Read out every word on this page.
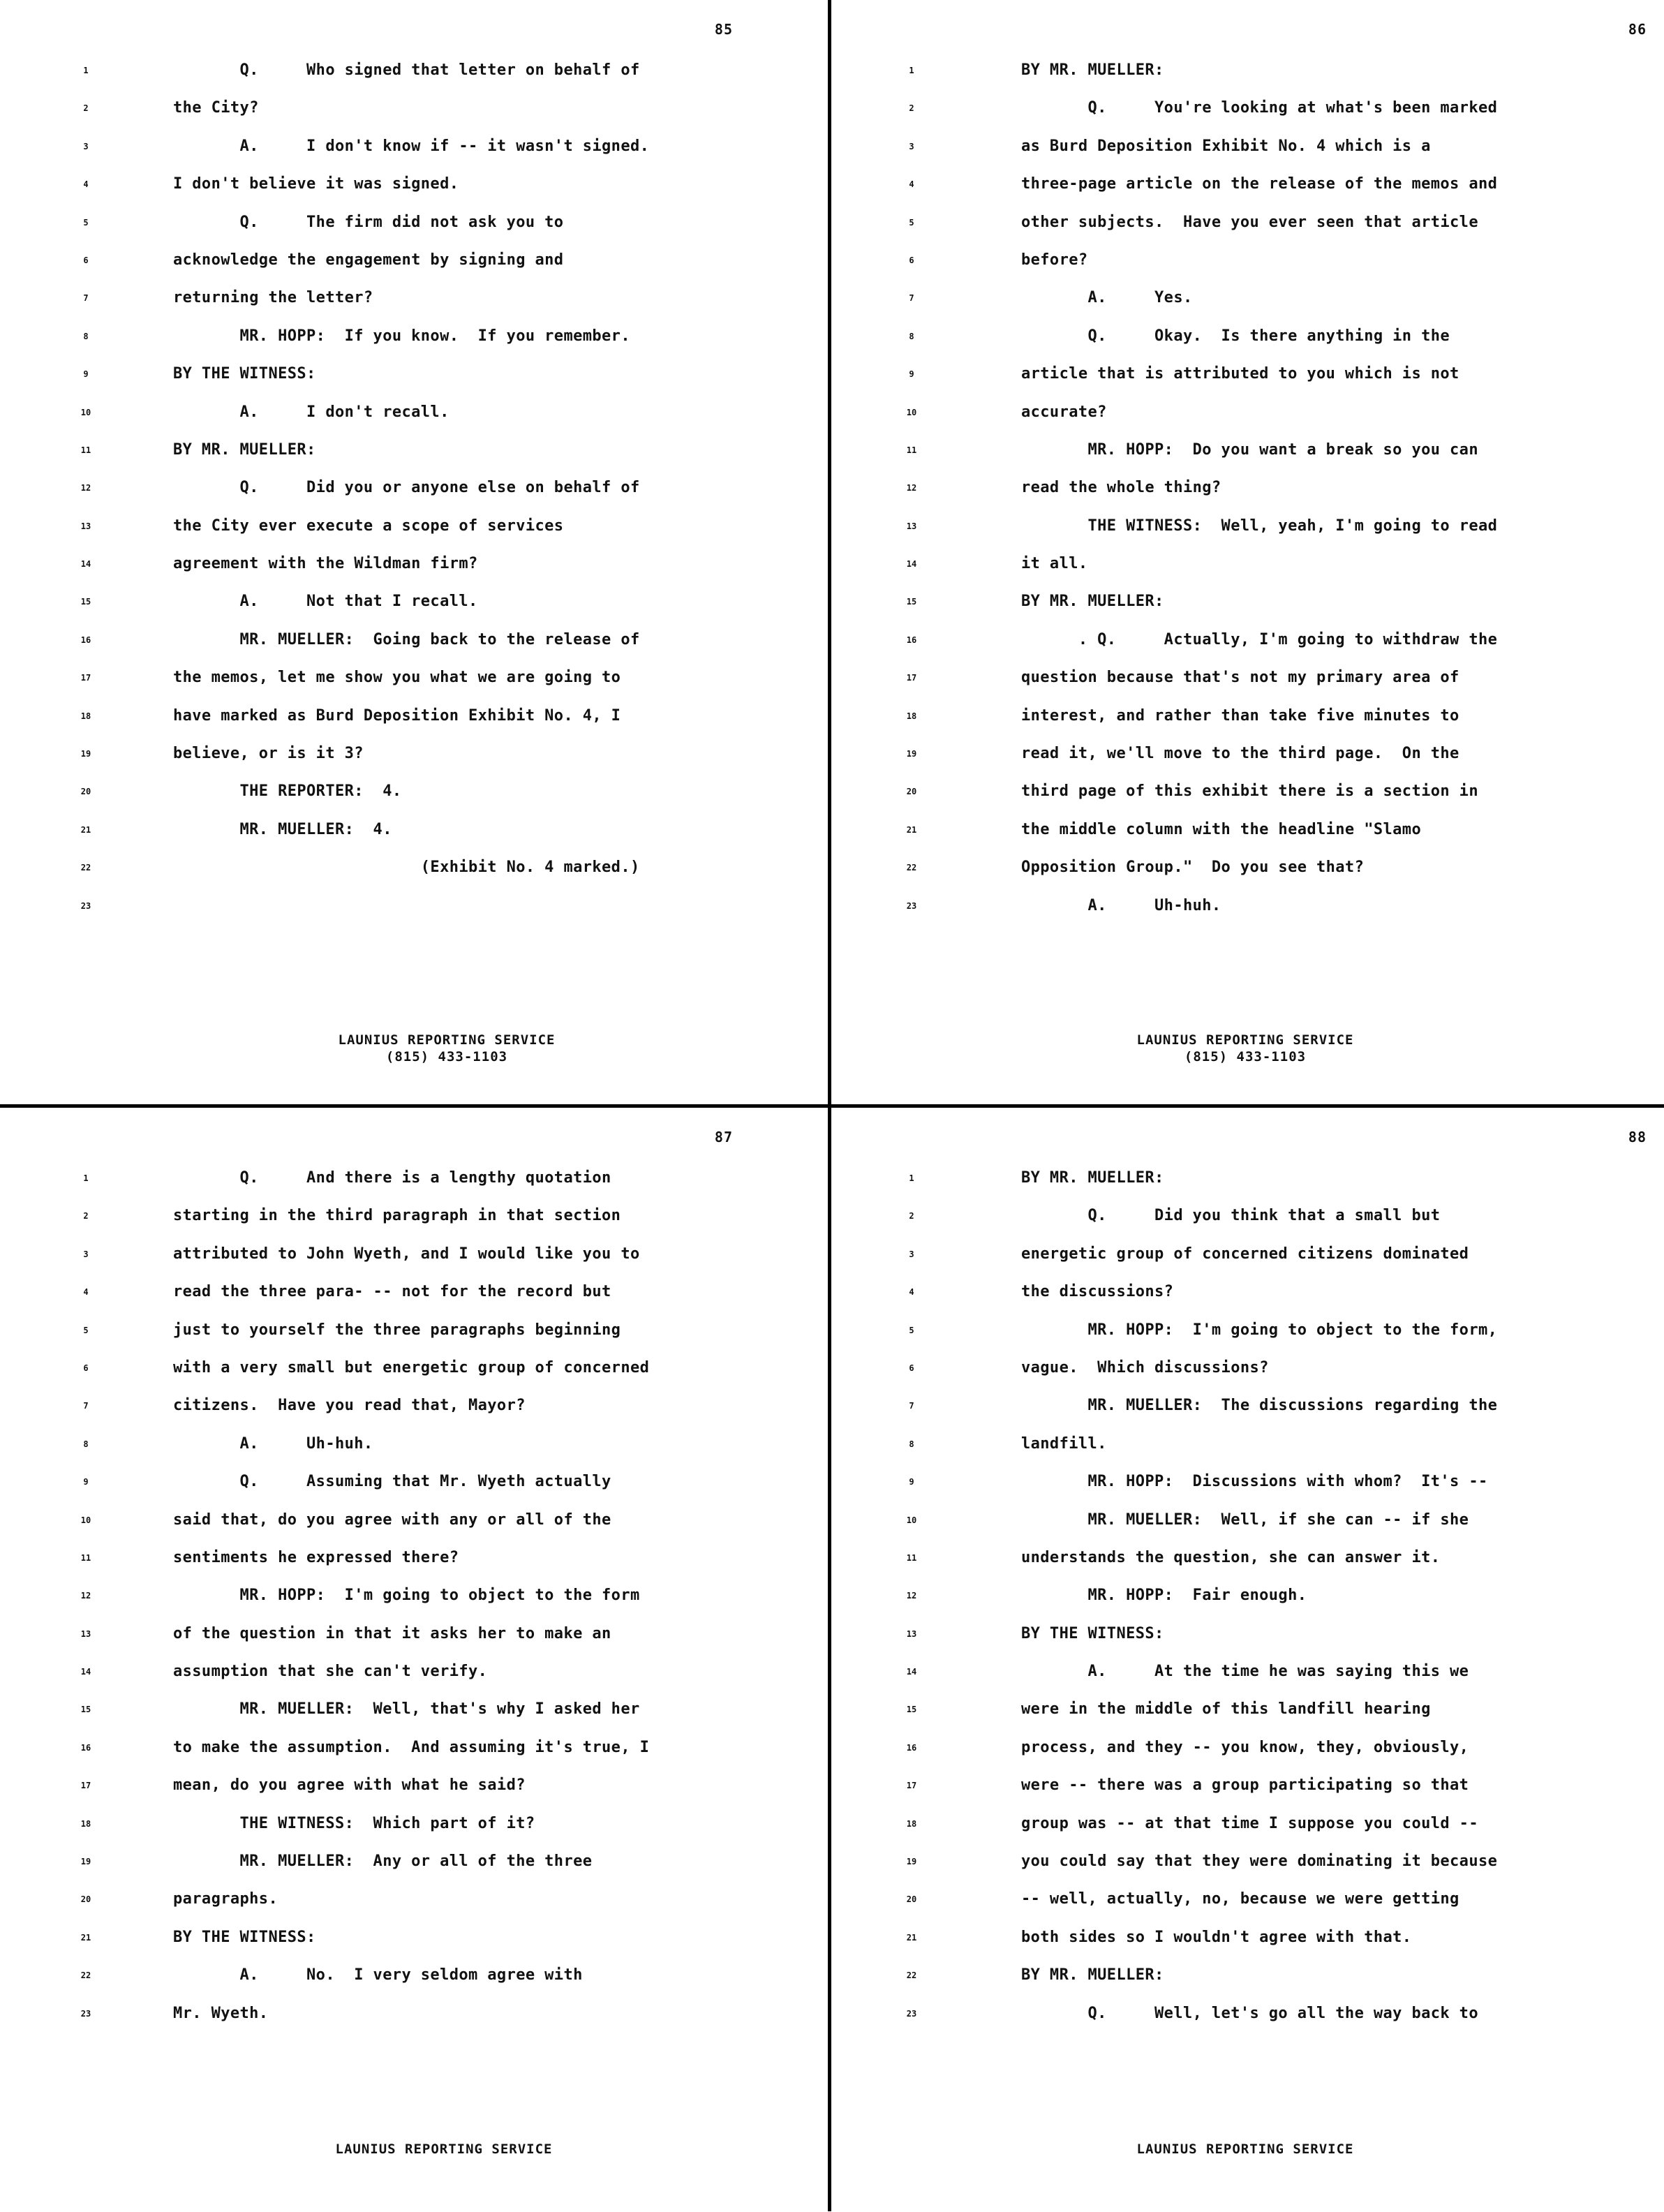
85
1	Q.     Who signed that letter on behalf of
2	the City?
3	A.     I don't know if -- it wasn't signed.
4	I don't believe it was signed.
5	Q.     The firm did not ask you to
6	acknowledge the engagement by signing and
7	returning the letter?
8	MR. HOPP:  If you know.  If you remember.
9	BY THE WITNESS:
10	A.     I don't recall.
11	BY MR. MUELLER:
12	Q.     Did you or anyone else on behalf of
13	the City ever execute a scope of services
14	agreement with the Wildman firm?
15	A.     Not that I recall.
16	MR. MUELLER:  Going back to the release of
17	the memos, let me show you what we are going to
18	have marked as Burd Deposition Exhibit No. 4, I
19	believe, or is it 3?
20	THE REPORTER:  4.
21	MR. MUELLER:  4.
22	(Exhibit No. 4 marked.)
23
LAUNIUS REPORTING SERVICE
(815) 433-1103
86
1	BY MR. MUELLER:
2	Q.     You're looking at what's been marked
3	as Burd Deposition Exhibit No. 4 which is a
4	three-page article on the release of the memos and
5	other subjects.  Have you ever seen that article
6	before?
7	A.     Yes.
8	Q.     Okay.  Is there anything in the
9	article that is attributed to you which is not
10	accurate?
11	MR. HOPP:  Do you want a break so you can
12	read the whole thing?
13	THE WITNESS:  Well, yeah, I'm going to read
14	it all.
15	BY MR. MUELLER:
16	. Q.     Actually, I'm going to withdraw the
17	question because that's not my primary area of
18	interest, and rather than take five minutes to
19	read it, we'll move to the third page.  On the
20	third page of this exhibit there is a section in
21	the middle column with the headline "Slamo
22	Opposition Group."  Do you see that?
23	A.     Uh-huh.
LAUNIUS REPORTING SERVICE
(815) 433-1103
87
1	Q.     And there is a lengthy quotation
2	starting in the third paragraph in that section
3	attributed to John Wyeth, and I would like you to
4	read the three para- -- not for the record but
5	just to yourself the three paragraphs beginning
6	with a very small but energetic group of concerned
7	citizens.  Have you read that, Mayor?
8	A.     Uh-huh.
9	Q.     Assuming that Mr. Wyeth actually
10	said that, do you agree with any or all of the
11	sentiments he expressed there?
12	MR. HOPP:  I'm going to object to the form
13	of the question in that it asks her to make an
14	assumption that she can't verify.
15	MR. MUELLER:  Well, that's why I asked her
16	to make the assumption.  And assuming it's true, I
17	mean, do you agree with what he said?
18	THE WITNESS:  Which part of it?
19	MR. MUELLER:  Any or all of the three
20	paragraphs.
21	BY THE WITNESS:
22	A.     No.  I very seldom agree with
23	Mr. Wyeth.
LAUNIUS REPORTING SERVICE
88
1	BY MR. MUELLER:
2	Q.     Did you think that a small but
3	energetic group of concerned citizens dominated
4	the discussions?
5	MR. HOPP:  I'm going to object to the form,
6	vague.  Which discussions?
7	MR. MUELLER:  The discussions regarding the
8	landfill.
9	MR. HOPP:  Discussions with whom?  It's --
10	MR. MUELLER:  Well, if she can -- if she
11	understands the question, she can answer it.
12	MR. HOPP:  Fair enough.
13	BY THE WITNESS:
14	A.     At the time he was saying this we
15	were in the middle of this landfill hearing
16	process, and they -- you know, they, obviously,
17	were -- there was a group participating so that
18	group was -- at that time I suppose you could --
19	you could say that they were dominating it because
20	-- well, actually, no, because we were getting
21	both sides so I wouldn't agree with that.
22	BY MR. MUELLER:
23	Q.     Well, let's go all the way back to
LAUNIUS REPORTING SERVICE
